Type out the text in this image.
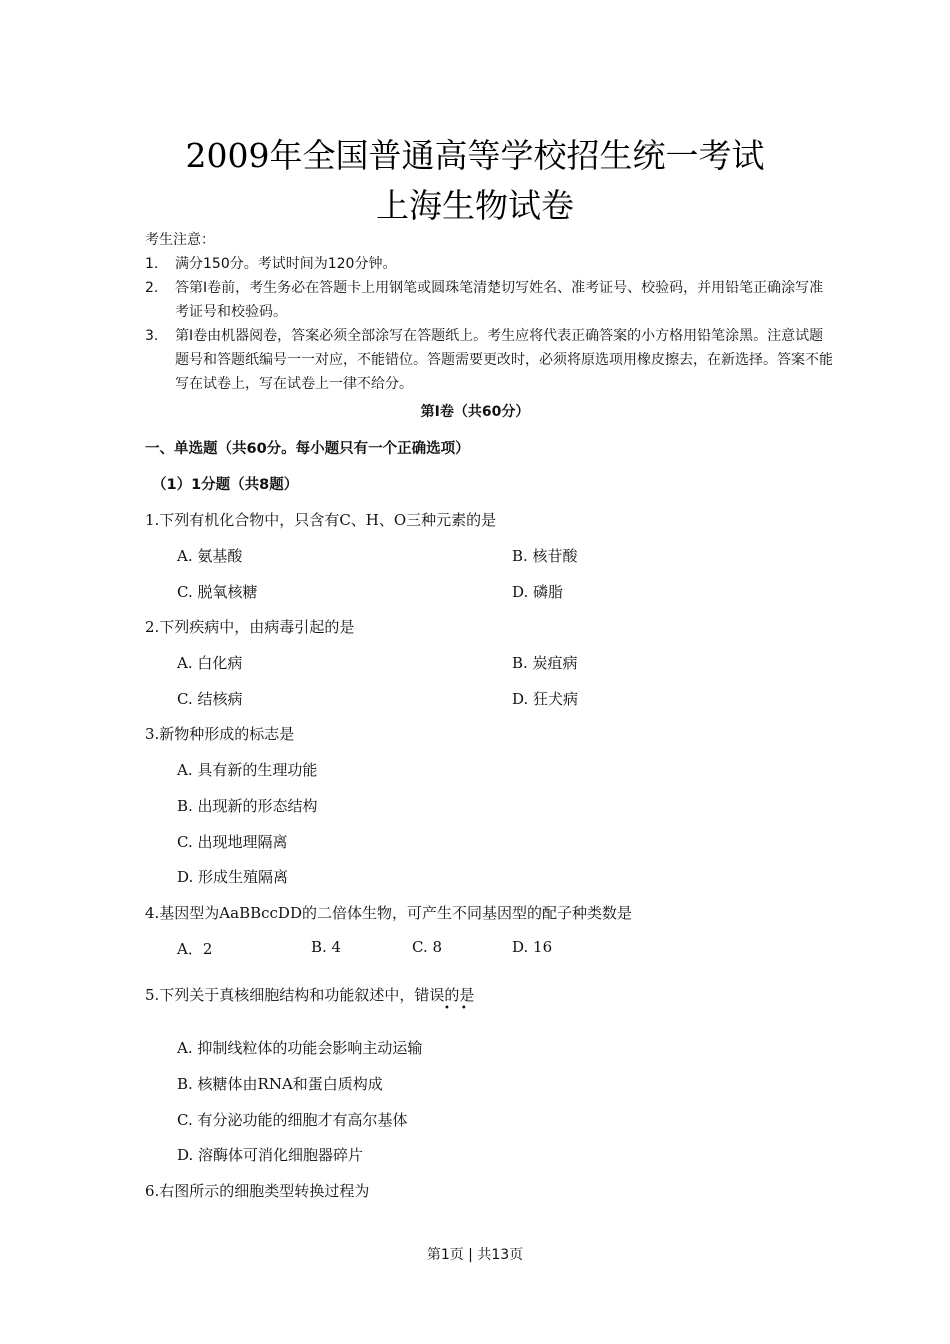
2009年全国普通高等学校招生统一考试
上海生物试卷
考生注意：
1.	满分150分。考试时间为120分钟。
2.	答第Ⅰ卷前，考生务必在答题卡上用钢笔或圆珠笔清楚切写姓名、准考证号、校验码，并用铅笔正确涂写准考证号和校验码。
3.	第Ⅰ卷由机器阅卷，答案必须全部涂写在答题纸上。考生应将代表正确答案的小方格用铅笔涂黑。注意试题题号和答题纸编号一一对应，不能错位。答题需要更改时，必须将原选项用橡皮擦去，在新选择。答案不能写在试卷上，写在试卷上一律不给分。
第Ⅰ卷（共60分）
一、单选题（共60分。每小题只有一个正确选项）
（1）1分题（共8题）
1.下列有机化合物中，只含有C、H、O三种元素的是
A. 氨基酸	B. 核苷酸
C. 脱氧核糖	D. 磷脂
2.下列疾病中，由病毒引起的是
A. 白化病	B. 炭疽病
C. 结核病	D. 狂犬病
3.新物种形成的标志是
A. 具有新的生理功能
B. 出现新的形态结构
C. 出现地理隔离
D. 形成生殖隔离
4.基因型为AaBBccDD的二倍体生物，可产生不同基因型的配子种类数是
A．2	B. 4	C. 8	D. 16
5.下列关于真核细胞结构和功能叙述中，错误的是
••
A. 抑制线粒体的功能会影响主动运输
B. 核糖体由RNA和蛋白质构成
C. 有分泌功能的细胞才有高尔基体
D. 溶酶体可消化细胞器碎片
6.右图所示的细胞类型转换过程为
第1页 | 共13页
